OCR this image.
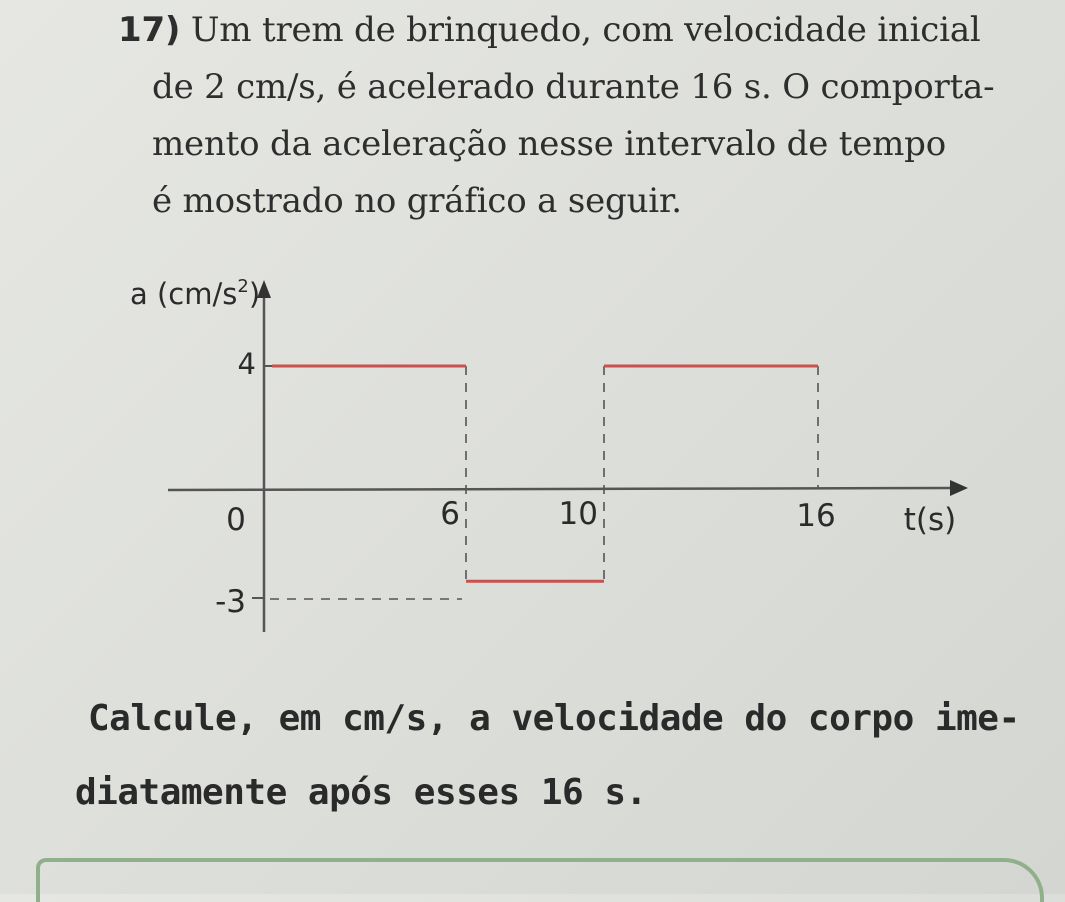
17) Um trem de brinquedo, com velocidade inicial

de 2 cm/s, é acelerado durante 16 s. O comporta-

mento da aceleração nesse intervalo de tempo

é mostrado no gráfico a seguir.

a $(cm/s^2)$
4
0
-3
6	10	16 t(s)

Calcule, em cm/s, a velocidade do corpo ime-

diatamente após esses 16 s.
